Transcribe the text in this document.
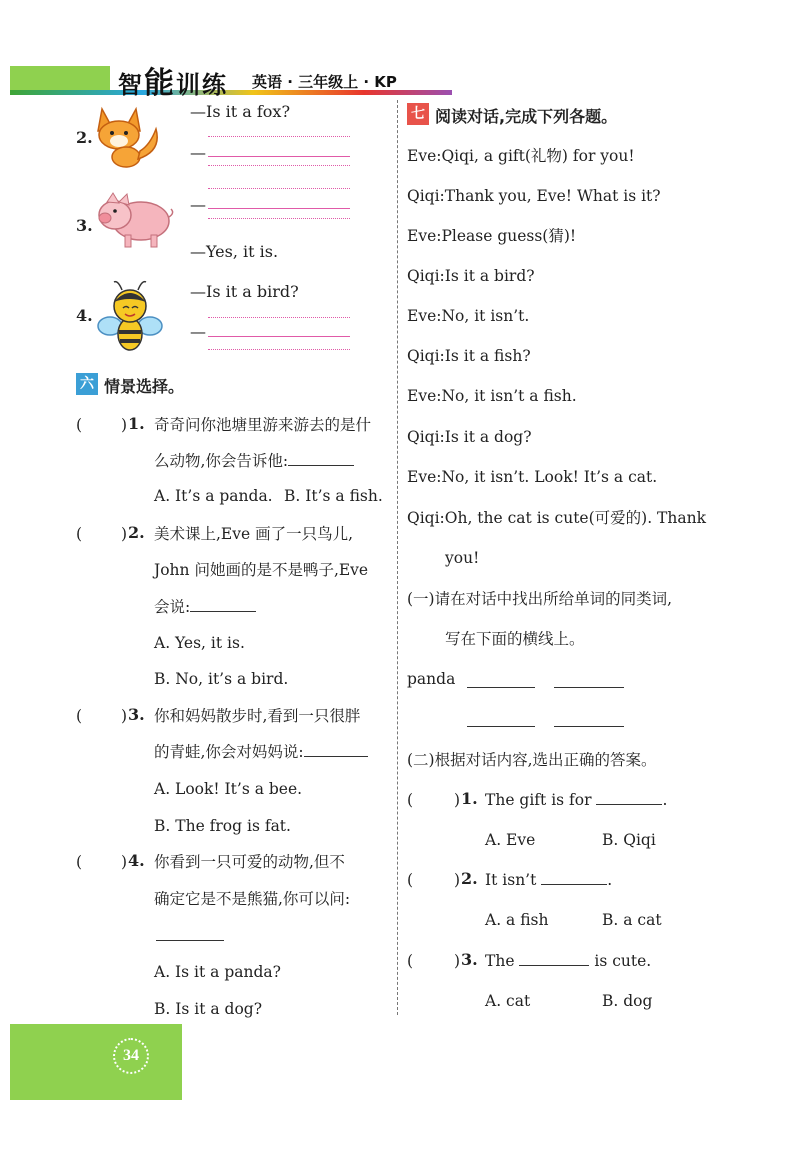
智能训练 英语 · 三年级上 · KP
2.
—Is it a fox?
—
3.
—
—Yes, it is.
4.
—Is it a bird?
—
六 情景选择。
(	) 1. 奇奇问你池塘里游来游去的是什
么动物,你会告诉他:
A. It’s a panda. B. It’s a fish.
(	) 2. 美术课上,Eve 画了一只鸟儿,
John 问她画的是不是鸭子,Eve
会说:
A. Yes, it is.
B. No, it’s a bird.
(	) 3. 你和妈妈散步时,看到一只很胖
的青蛙,你会对妈妈说:
A. Look! It’s a bee.
B. The frog is fat.
(	) 4. 你看到一只可爱的动物,但不
确定它是不是熊猫,你可以问:
A. Is it a panda?
B. Is it a dog?
七 阅读对话,完成下列各题。
Eve:Qiqi, a gift(礼物) for you!
Qiqi:Thank you, Eve! What is it?
Eve:Please guess(猜)!
Qiqi:Is it a bird?
Eve:No, it isn’t.
Qiqi:Is it a fish?
Eve:No, it isn’t a fish.
Qiqi:Is it a dog?
Eve:No, it isn’t. Look! It’s a cat.
Qiqi:Oh, the cat is cute(可爱的). Thank
you!
(一)请在对话中找出所给单词的同类词,
写在下面的横线上。
panda
(二)根据对话内容,选出正确的答案。
(	) 1. The gift is for	.
A. Eve	B. Qiqi
(	) 2. It isn’t	.
A. a fish	B. a cat
(	) 3. The	is cute.
A. cat	B. dog
34
